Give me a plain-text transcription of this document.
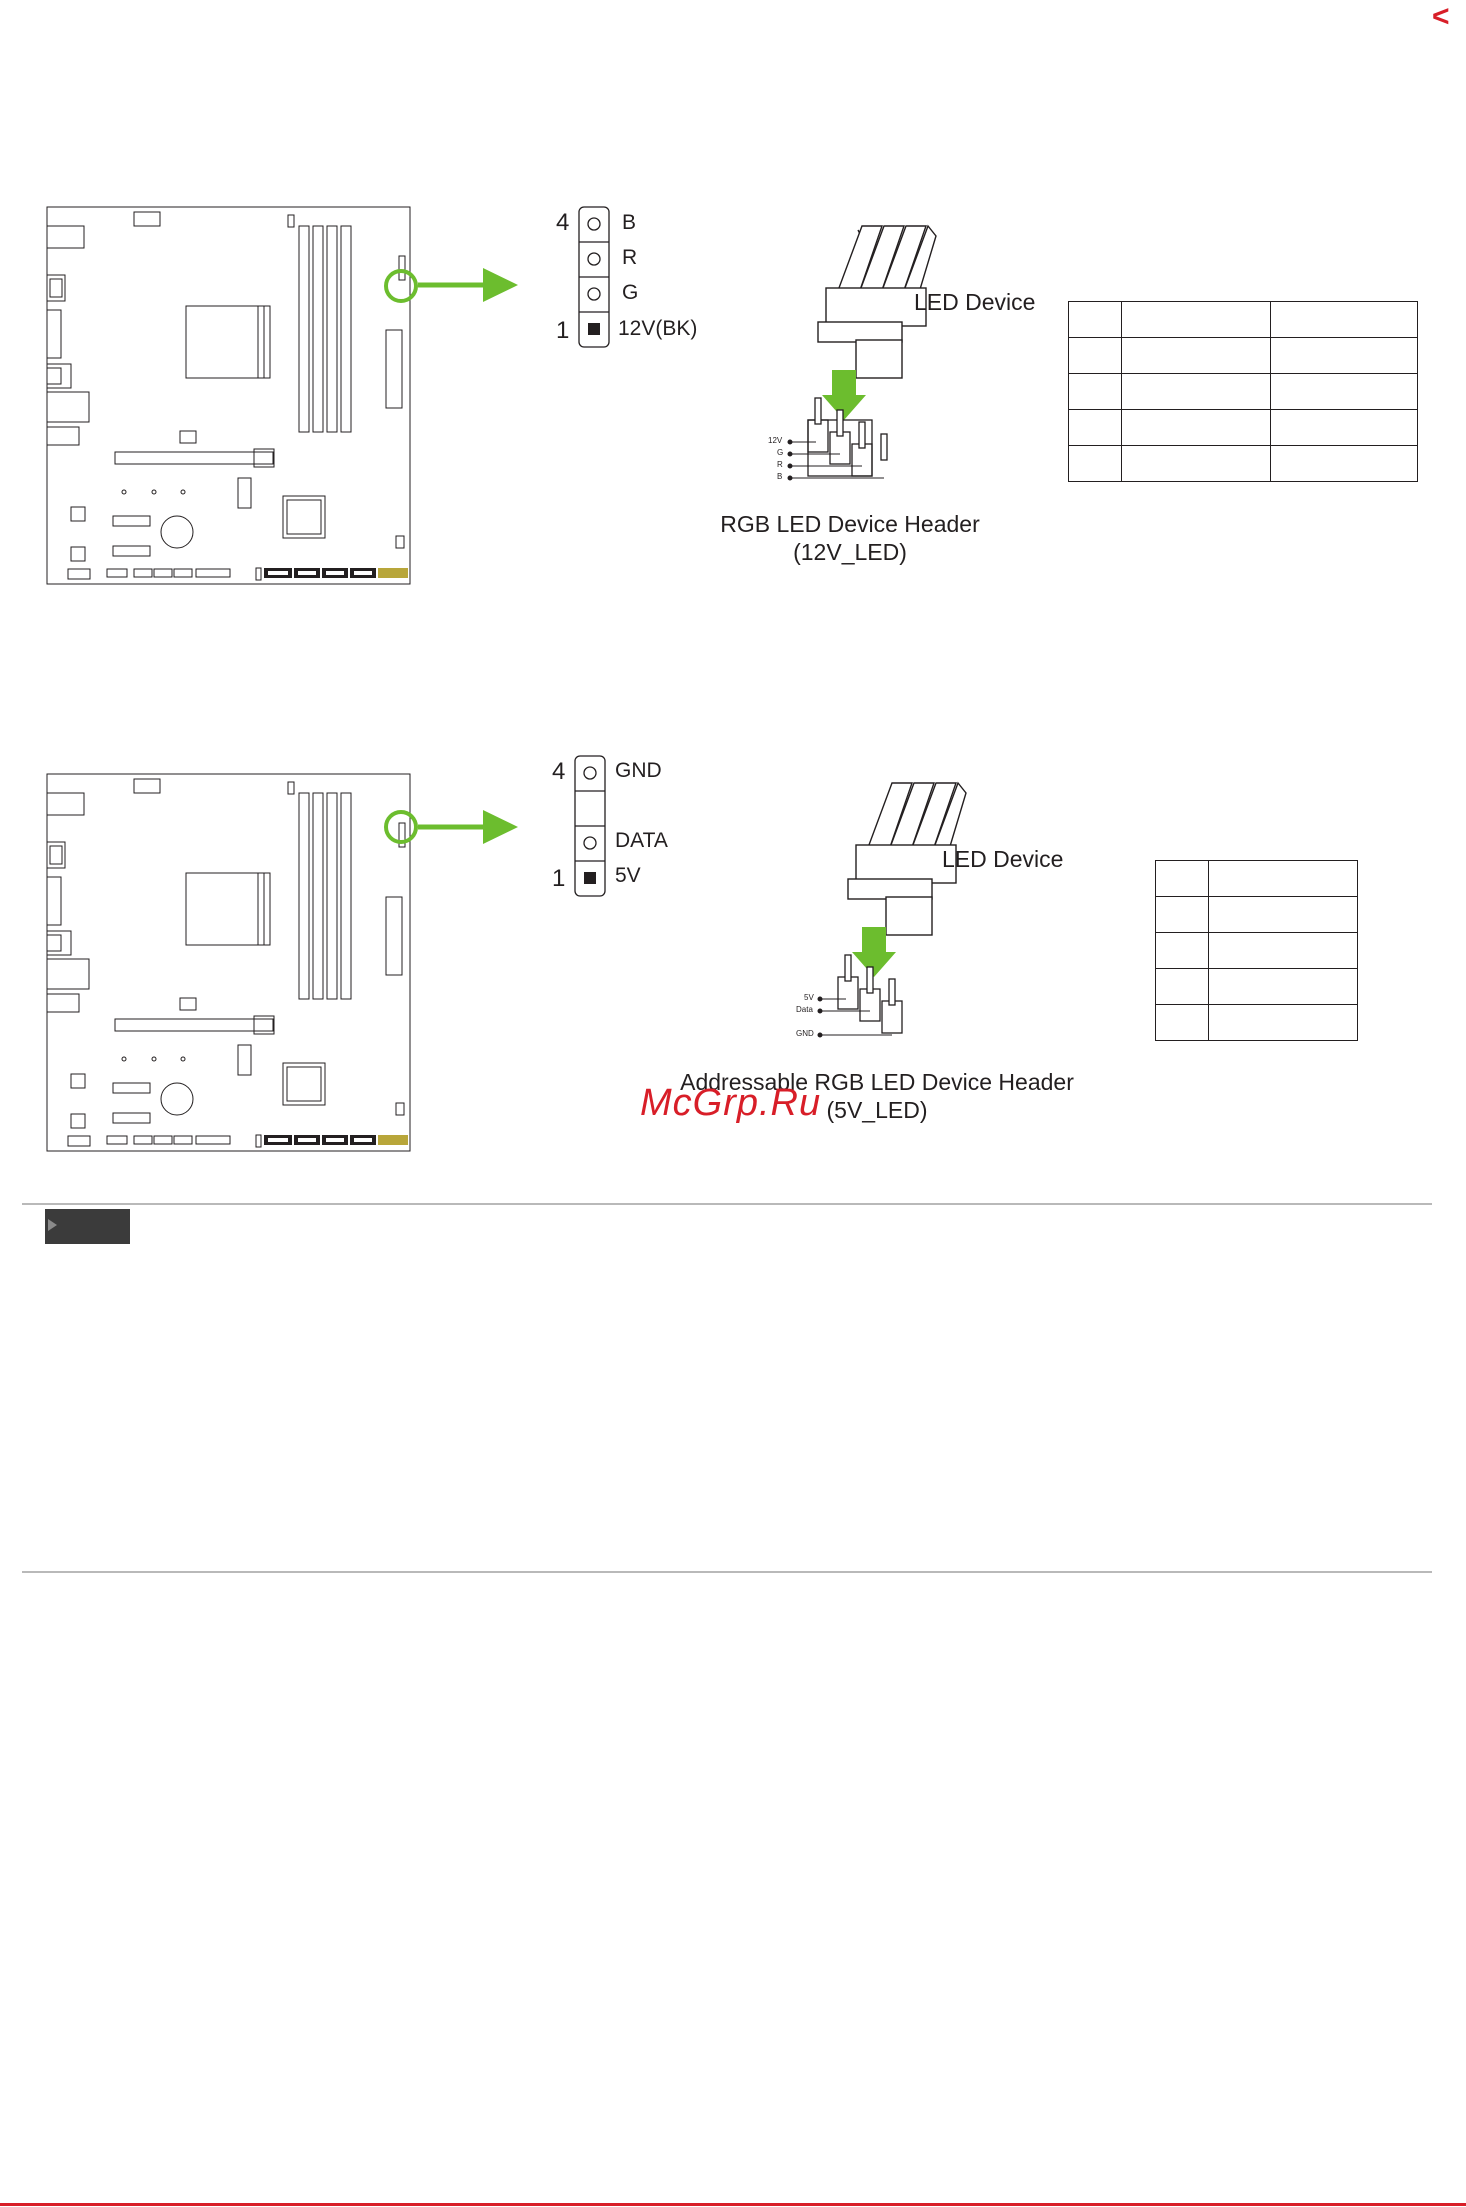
<
4
1
B
R
G
12V(BK)
12V
G
R
B
LED Device
RGB LED Device Header
(12V_LED)

4
1
GND
DATA
5V
5V
Data
GND
LED Device
Addressable RGB LED Device Header
(5V_LED)

McGrp.Ru
